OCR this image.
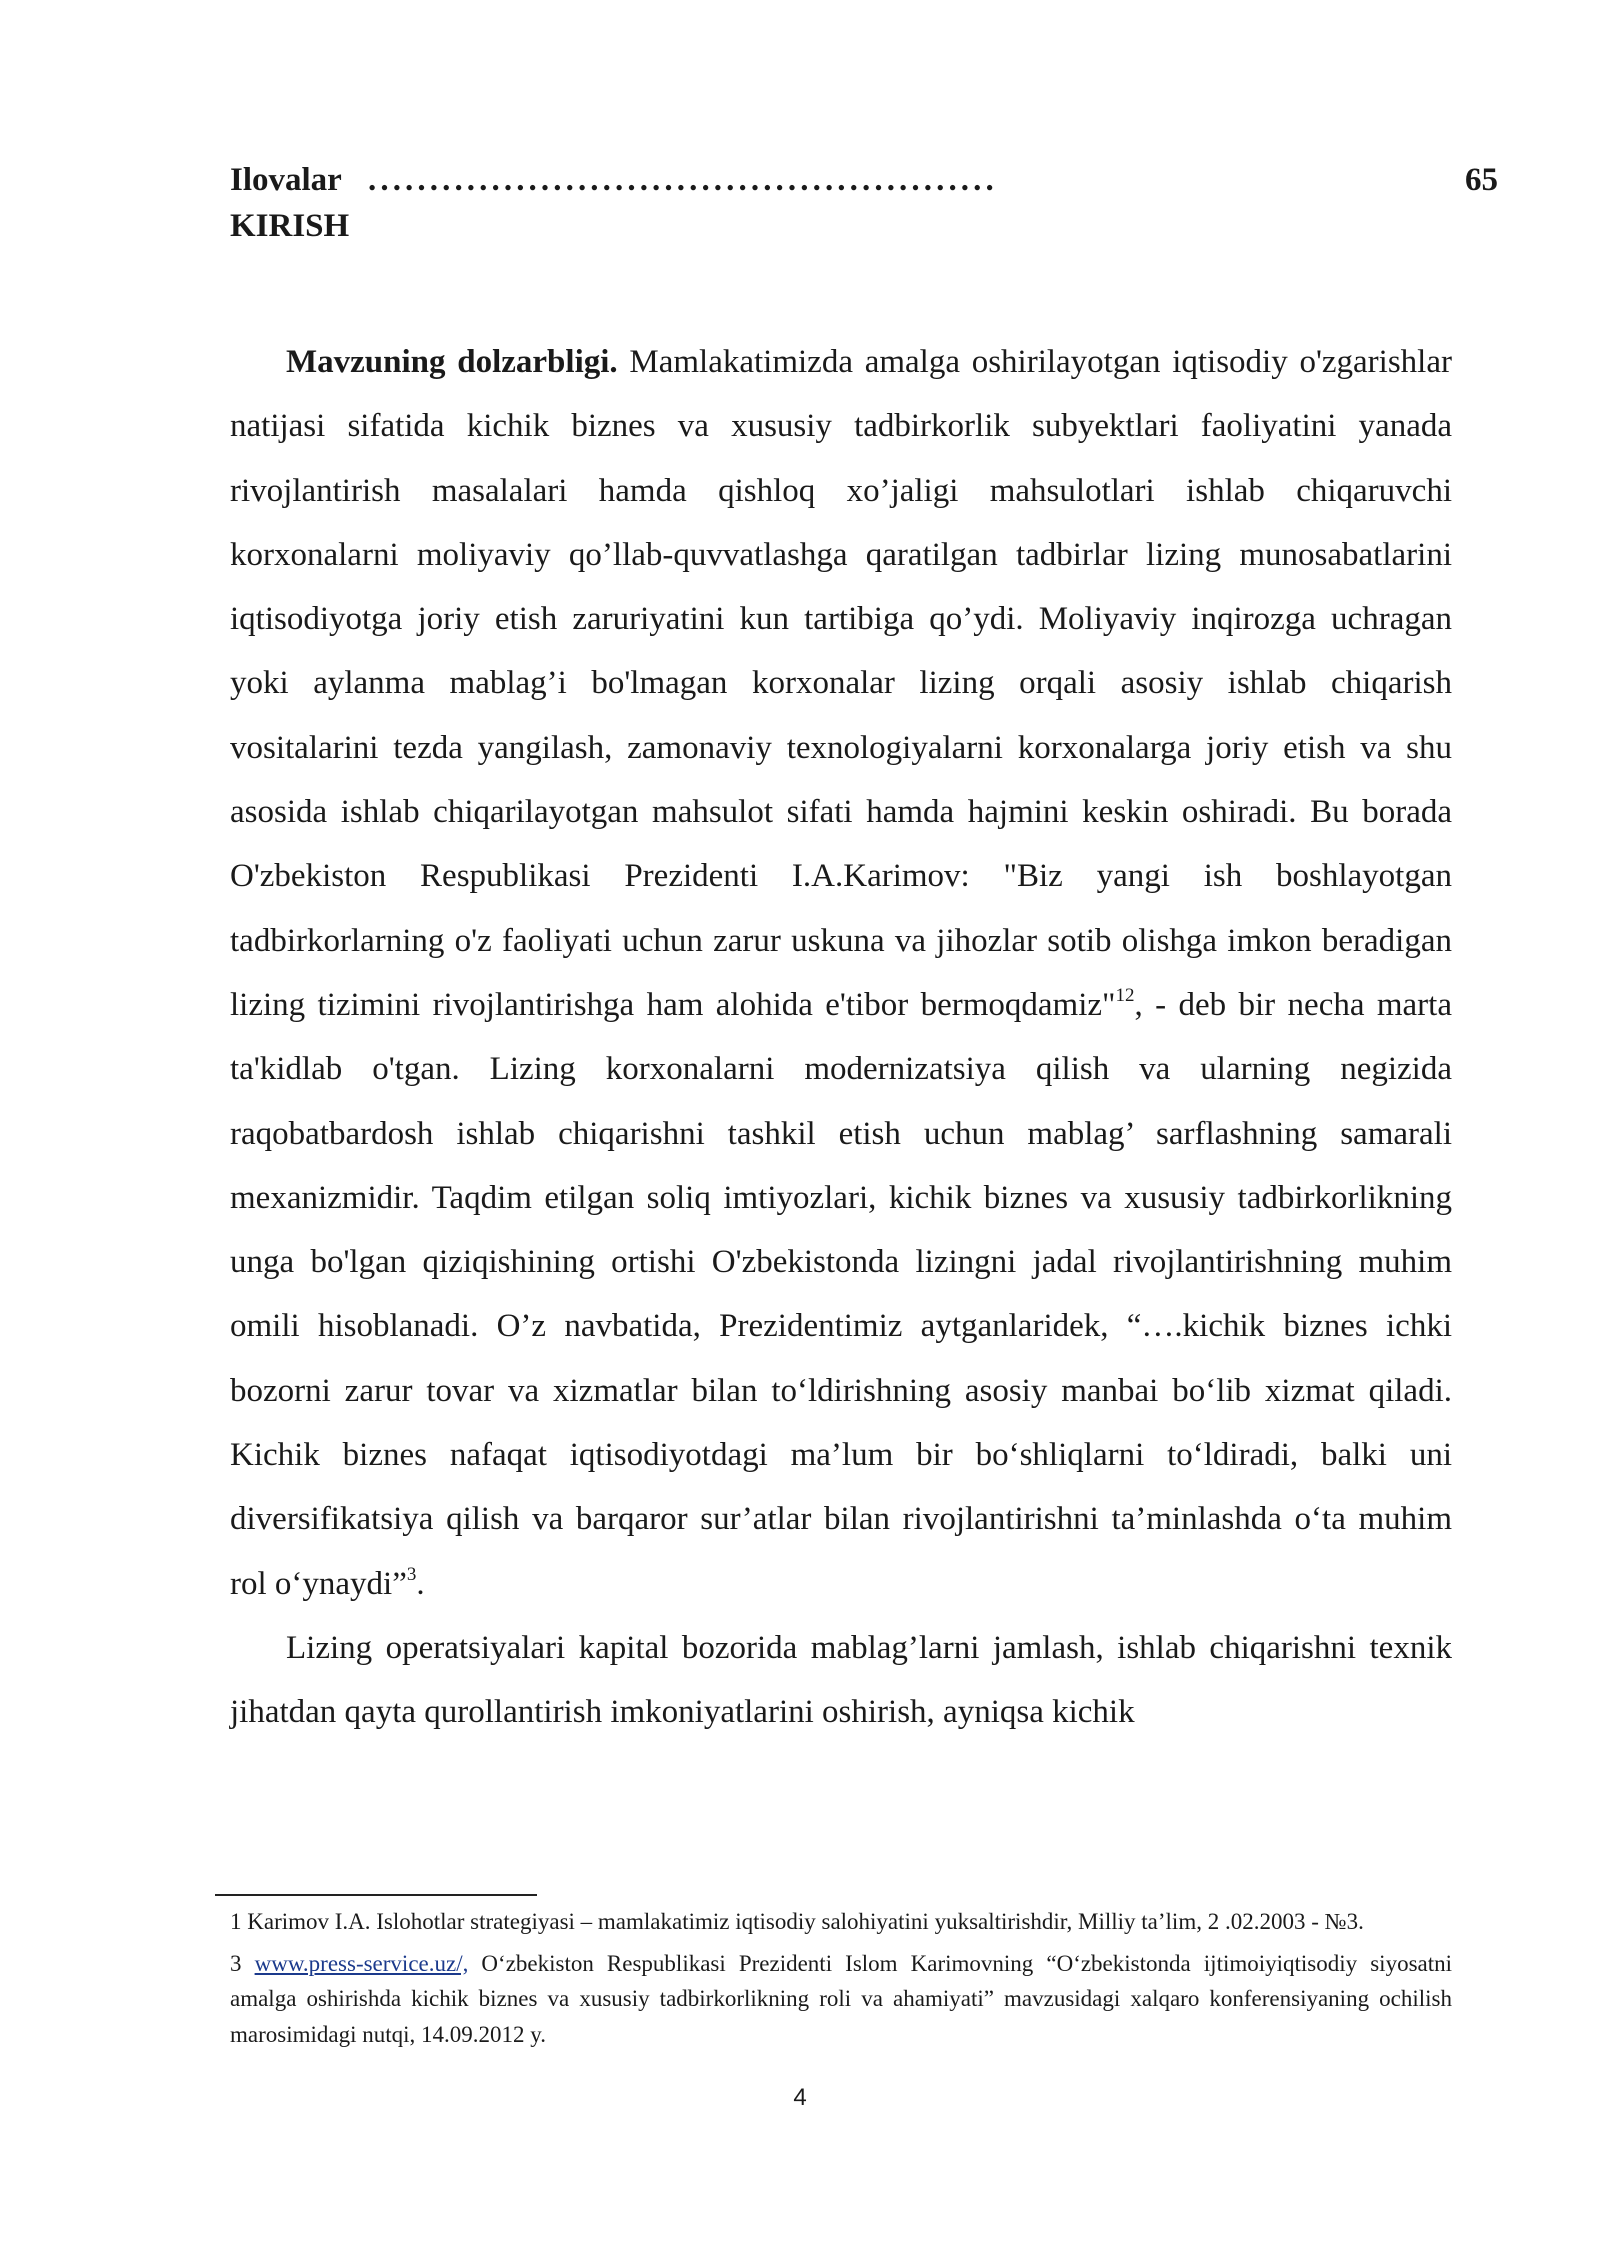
Ilovalar ...................................................	65
KIRISH

Mavzuning dolzarbligi. Mamlakatimizda amalga oshirilayotgan iqtisodiy o'zgarishlar natijasi sifatida kichik biznes va xususiy tadbirkorlik subyektlari faoliyatini yanada rivojlantirish masalalari hamda qishloq xo’jaligi mahsulotlari ishlab chiqaruvchi korxonalarni moliyaviy qo’llab-quvvatlashga qaratilgan tadbirlar lizing munosabatlarini iqtisodiyotga joriy etish zaruriyatini kun tartibiga qo’ydi. Moliyaviy inqirozga uchragan yoki aylanma mablag’i bo'lmagan korxonalar lizing orqali asosiy ishlab chiqarish vositalarini tezda yangilash, zamonaviy texnologiyalarni korxonalarga joriy etish va shu asosida ishlab chiqarilayotgan mahsulot sifati hamda hajmini keskin oshiradi. Bu borada O'zbekiston Respublikasi Prezidenti I.A.Karimov: "Biz yangi ish boshlayotgan tadbirkorlarning o'z faoliyati uchun zarur uskuna va jihozlar sotib olishga imkon beradigan lizing tizimini rivojlantirishga ham alohida e'tibor bermoqdamiz"$^{12}$, - deb bir necha marta ta'kidlab o'tgan. Lizing korxonalarni modernizatsiya qilish va ularning negizida raqobatbardosh ishlab chiqarishni tashkil etish uchun mablag’ sarflashning samarali mexanizmidir. Taqdim etilgan soliq imtiyozlari, kichik biznes va xususiy tadbirkorlikning unga bo'lgan qiziqishining ortishi O'zbekistonda lizingni jadal rivojlantirishning muhim omili hisoblanadi. O’z navbatida, Prezidentimiz aytganlaridek, “….kichik biznes ichki bozorni zarur tovar va xizmatlar bilan to‘ldirishning asosiy manbai bo‘lib xizmat qiladi. Kichik biznes nafaqat iqtisodiyotdagi ma’lum bir bo‘shliqlarni to‘ldiradi, balki uni diversifikatsiya qilish va barqaror sur’atlar bilan rivojlantirishni ta’minlashda o‘ta muhim rol o‘ynaydi”$^3$.

Lizing operatsiyalari kapital bozorida mablag’larni jamlash, ishlab chiqarishni texnik jihatdan qayta qurollantirish imkoniyatlarini oshirish, ayniqsa kichik

1 Karimov I.A. Islohotlar strategiyasi – mamlakatimiz iqtisodiy salohiyatini yuksaltirishdir, Milliy ta’lim, 2 .02.2003 - №3.

3 www.press-service.uz/, O‘zbekiston Respublikasi Prezidenti Islom Karimovning “O‘zbekistonda ijtimoiyiqtisodiy siyosatni amalga oshirishda kichik biznes va xususiy tadbirkorlikning roli va ahamiyati” mavzusidagi xalqaro konferensiyaning ochilish marosimidagi nutqi, 14.09.2012 y.

4
